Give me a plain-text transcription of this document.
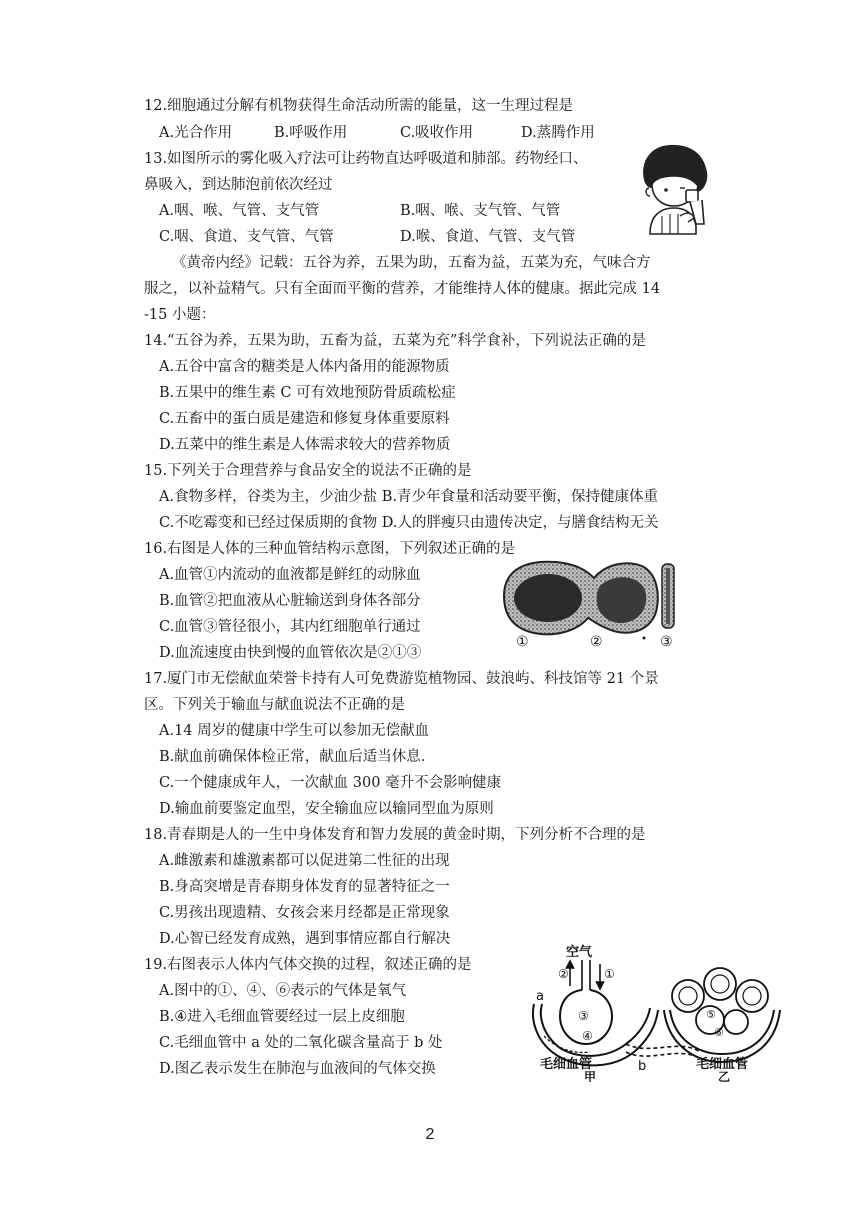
12.细胞通过分解有机物获得生命活动所需的能量，这一生理过程是
A.光合作用	B.呼吸作用	C.吸收作用	D.蒸腾作用
13.如图所示的雾化吸入疗法可让药物直达呼吸道和肺部。药物经口、
鼻吸入，到达肺泡前依次经过
A.咽、喉、气管、支气管	B.咽、喉、支气管、气管
C.咽、食道、支气管、气管	D.喉、食道、气管、支气管
《黄帝内经》记载：五谷为养，五果为助，五畜为益，五菜为充，气味合方
服之，以补益精气。只有全面而平衡的营养，才能维持人体的健康。据此完成 14
-15 小题：
14.“五谷为养，五果为助，五畜为益，五菜为充”科学食补，下列说法正确的是
A.五谷中富含的糖类是人体内备用的能源物质
B.五果中的维生素 C 可有效地预防骨质疏松症
C.五畜中的蛋白质是建造和修复身体重要原料
D.五菜中的维生素是人体需求较大的营养物质
15.下列关于合理营养与食品安全的说法不正确的是
A.食物多样，谷类为主，少油少盐 B.青少年食量和活动要平衡，保持健康体重
C.不吃霉变和已经过保质期的食物 D.人的胖瘦只由遗传决定，与膳食结构无关
16.右图是人体的三种血管结构示意图，下列叙述正确的是
A.血管①内流动的血液都是鲜红的动脉血
B.血管②把血液从心脏输送到身体各部分
C.血管③管径很小，其内红细胞单行通过
D.血流速度由快到慢的血管依次是②①③
①	②	③
17.厦门市无偿献血荣誉卡持有人可免费游览植物园、鼓浪屿、科技馆等 21 个景
区。下列关于输血与献血说法不正确的是
A.14 周岁的健康中学生可以参加无偿献血
B.献血前确保体检正常，献血后适当休息.
C.一个健康成年人，一次献血 300 毫升不会影响健康
D.输血前要鉴定血型，安全输血应以输同型血为原则
18.青春期是人的一生中身体发育和智力发展的黄金时期，下列分析不合理的是
A.雌激素和雄激素都可以促进第二性征的出现
B.身高突增是青春期身体发育的显著特征之一
C.男孩出现遗精、女孩会来月经都是正常现象
D.心智已经发育成熟，遇到事情应都自行解决
19.右图表示人体内气体交换的过程，叙述正确的是
A.图中的①、④、⑥表示的气体是氧气
B.④进入毛细血管要经过一层上皮细胞
C.毛细血管中 a 处的二氧化碳含量高于 b 处
D.图乙表示发生在肺泡与血液间的气体交换
空气
②	①
③
④
a
b
毛细血管
甲
⑤
⑥
毛细血管
乙
2
